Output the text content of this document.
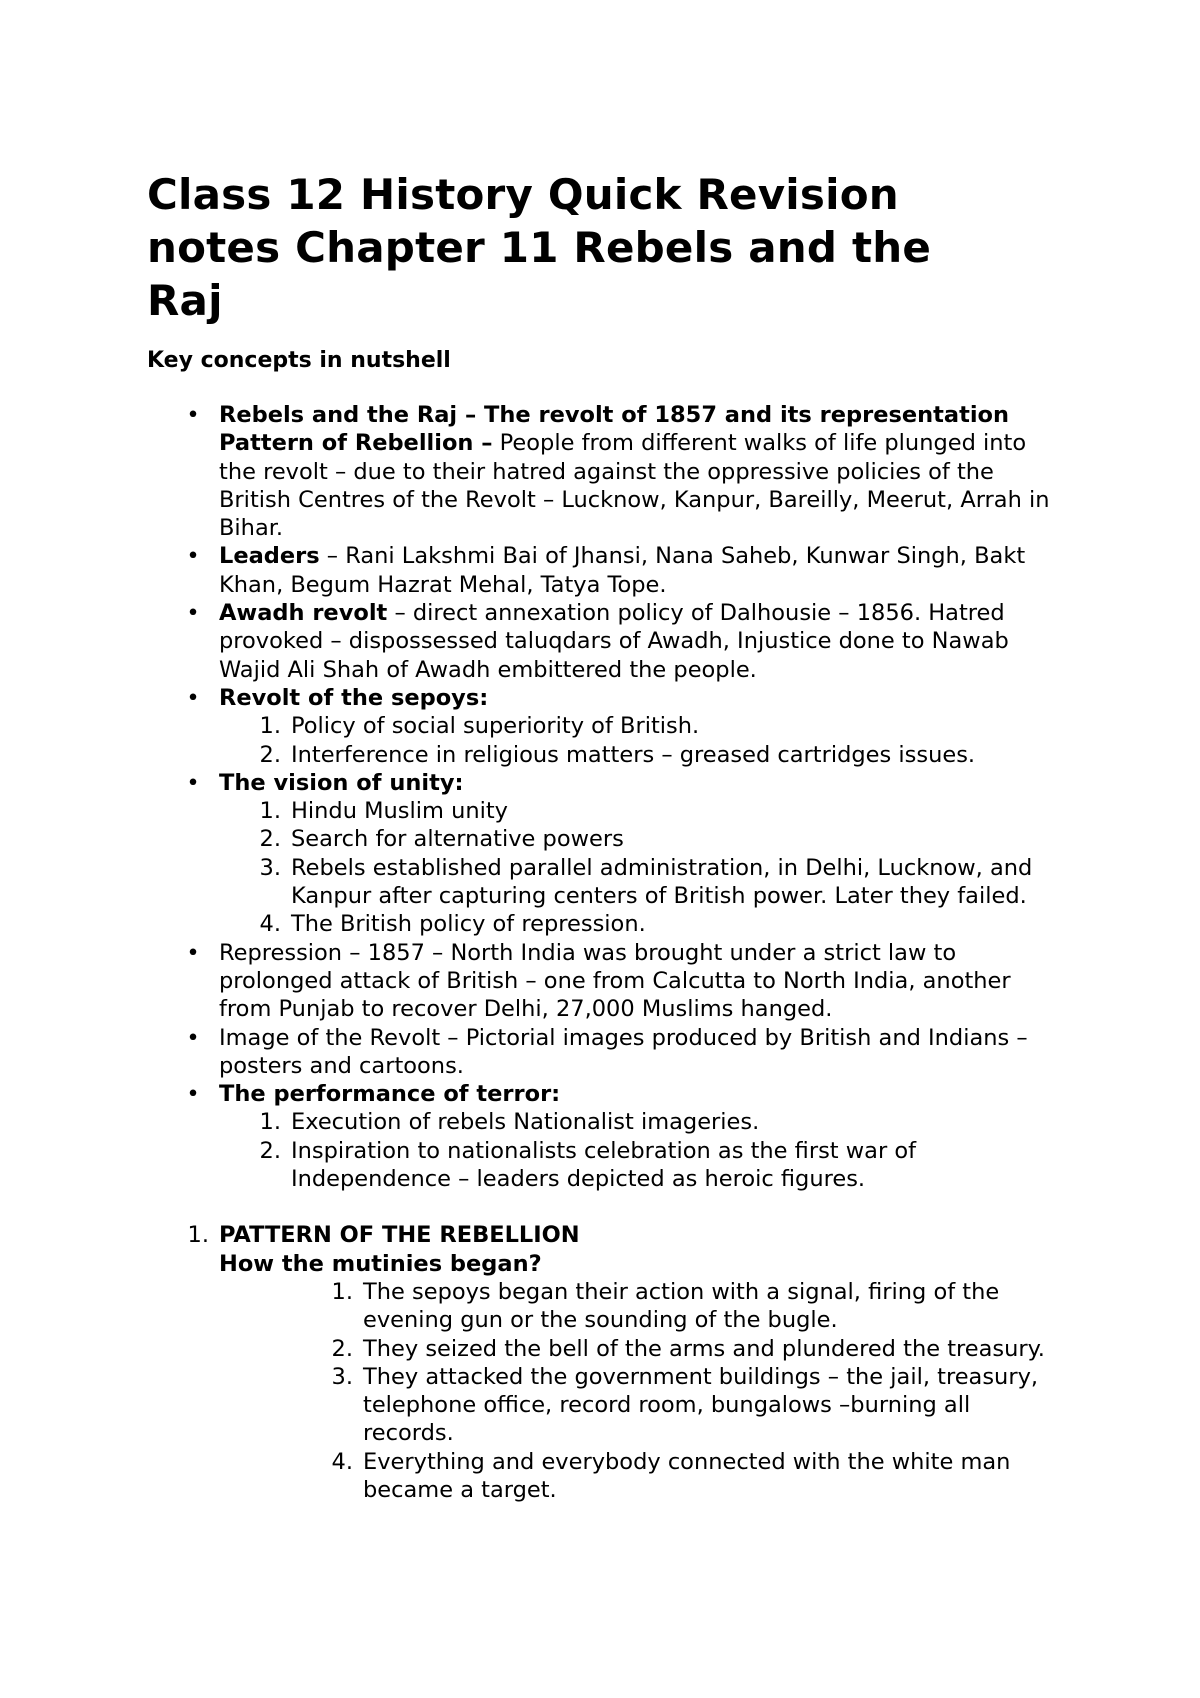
Class 12 History Quick Revision
notes Chapter 11 Rebels and the
Raj
Key concepts in nutshell
• Rebels and the Raj – The revolt of 1857 and its representation Pattern of Rebellion – People from different walks of life plunged into the revolt – due to their hatred against the oppressive policies of the British Centres of the Revolt – Lucknow, Kanpur, Bareilly, Meerut, Arrah in Bihar.
• Leaders – Rani Lakshmi Bai of Jhansi, Nana Saheb, Kunwar Singh, Bakt Khan, Begum Hazrat Mehal, Tatya Tope.
• Awadh revolt – direct annexation policy of Dalhousie – 1856. Hatred provoked – dispossessed taluqdars of Awadh, Injustice done to Nawab Wajid Ali Shah of Awadh embittered the people.
• Revolt of the sepoys:
1. Policy of social superiority of British.
2. Interference in religious matters – greased cartridges issues.
• The vision of unity:
1. Hindu Muslim unity
2. Search for alternative powers
3. Rebels established parallel administration, in Delhi, Lucknow, and Kanpur after capturing centers of British power. Later they failed.
4. The British policy of repression.
• Repression – 1857 – North India was brought under a strict law to prolonged attack of British – one from Calcutta to North India, another from Punjab to recover Delhi, 27,000 Muslims hanged.
• Image of the Revolt – Pictorial images produced by British and Indians – posters and cartoons.
• The performance of terror:
1. Execution of rebels Nationalist imageries.
2. Inspiration to nationalists celebration as the first war of Independence – leaders depicted as heroic figures.
1. PATTERN OF THE REBELLION
How the mutinies began?
1. The sepoys began their action with a signal, firing of the evening gun or the sounding of the bugle.
2. They seized the bell of the arms and plundered the treasury.
3. They attacked the government buildings – the jail, treasury, telephone office, record room, bungalows –burning all records.
4. Everything and everybody connected with the white man became a target.
